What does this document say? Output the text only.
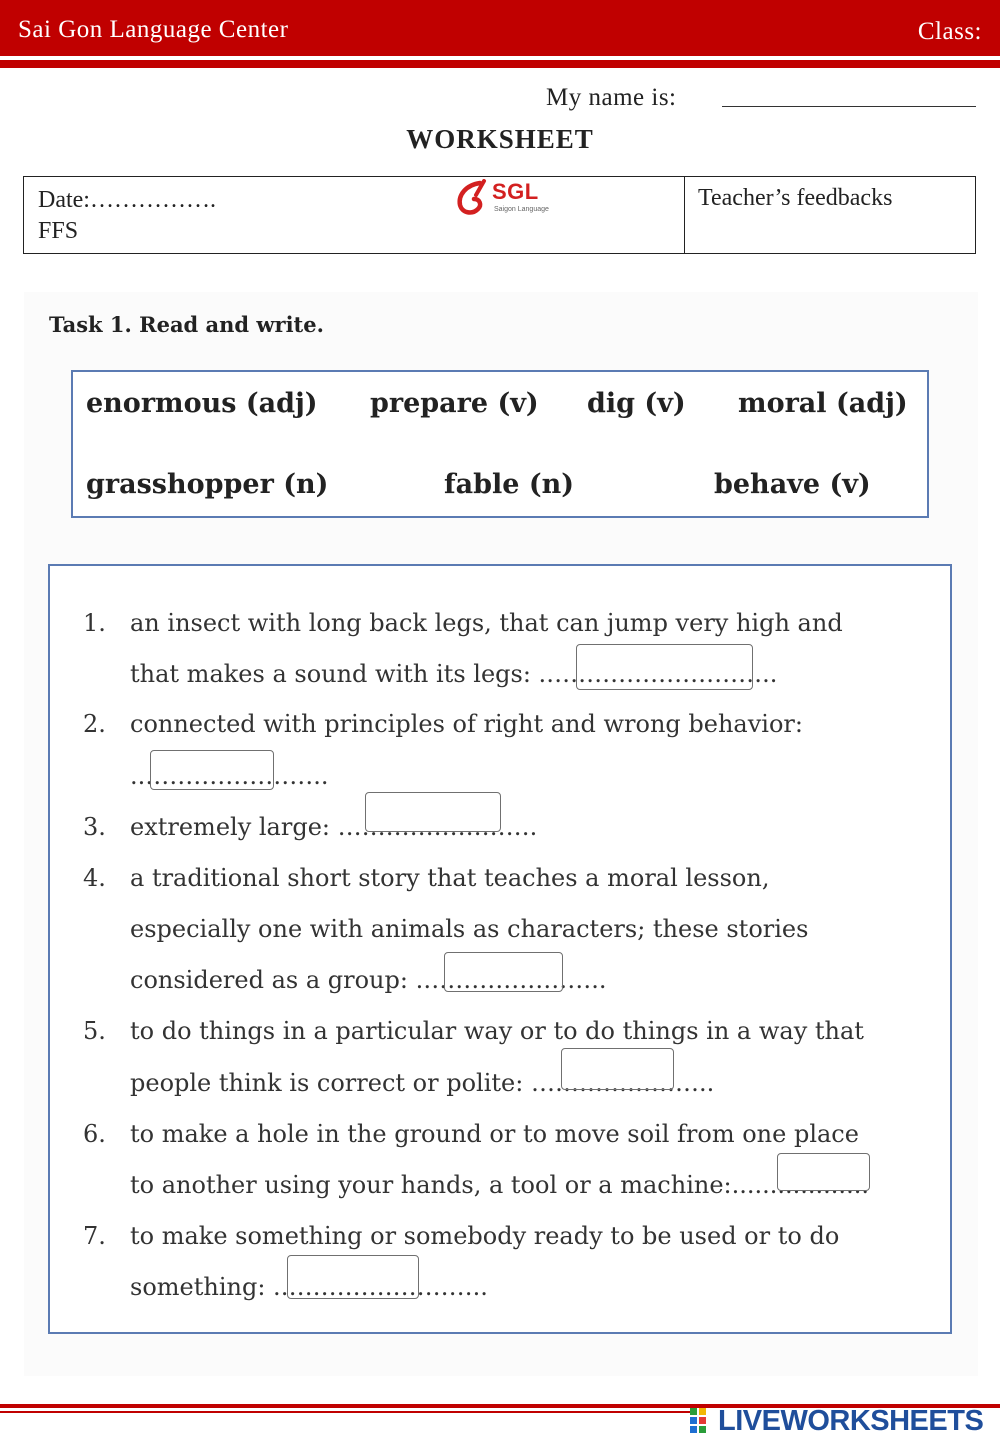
Sai Gon Language Center	Class:
My name is:
WORKSHEET
Date:…………….
FFS
SGL
Saigon Language	Teacher’s feedbacks
Task 1. Read and write.
enormous (adj) prepare (v) dig (v) moral (adj)
grasshopper (n)	fable (n)	behave (v)
1. an insect with long back legs, that can jump very high and
that makes a sound with its legs: .………………………..
2. connected with principles of right and wrong behavior:
..…………………..
3. extremely large: …………………….
4. a traditional short story that teaches a moral lesson,
especially one with animals as characters; these stories
considered as a group: .…………………..
5. to do things in a particular way or to do things in a way that
people think is correct or polite: …………………..
6. to make a hole in the ground or to move soil from one place
to another using your hands, a tool or a machine:..................
7. to make something or somebody ready to be used or to do
something: .……………………..
LIVEWORKSHEETS
